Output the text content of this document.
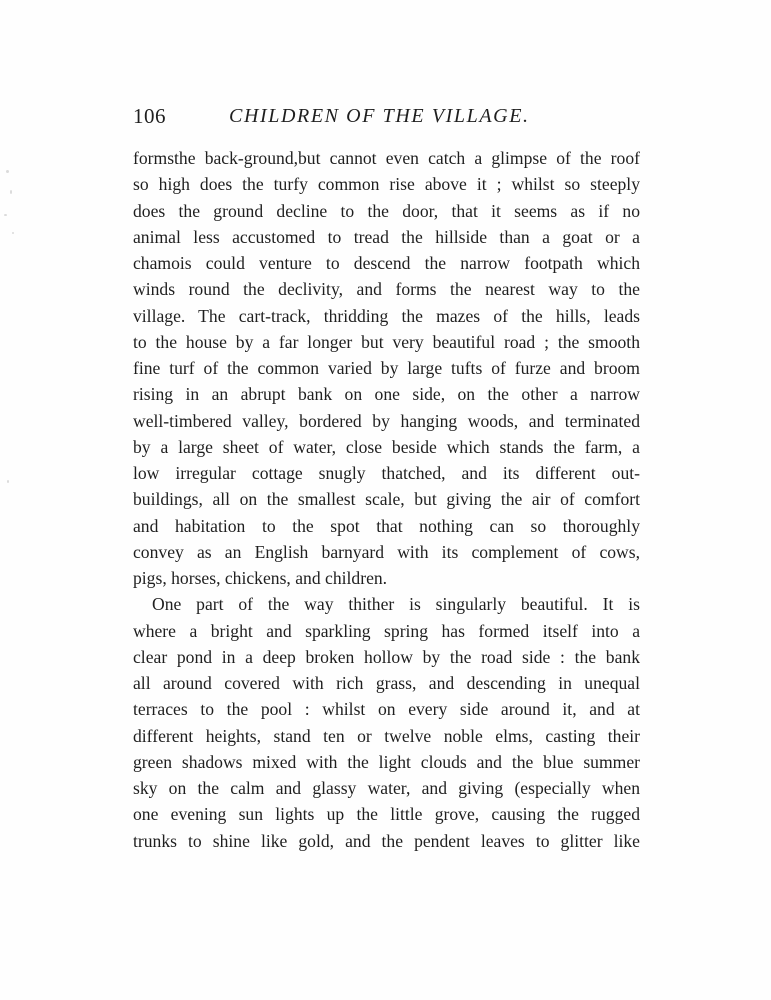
106	CHILDREN OF THE VILLAGE.
formsthe back-ground,but cannot even catch a glimpse of the roof
so high does the turfy common rise above it ; whilst so steeply
does the ground decline to the door, that it seems as if no
animal less accustomed to tread the hillside than a goat or a
chamois could venture to descend the narrow footpath which
winds round the declivity, and forms the nearest way to the
village. The cart-track, thridding the mazes of the hills, leads
to the house by a far longer but very beautiful road ; the smooth
fine turf of the common varied by large tufts of furze and broom
rising in an abrupt bank on one side, on the other a narrow
well-timbered valley, bordered by hanging woods, and terminated
by a large sheet of water, close beside which stands the farm, a
low irregular cottage snugly thatched, and its different out-
buildings, all on the smallest scale, but giving the air of comfort
and habitation to the spot that nothing can so thoroughly
convey as an English barnyard with its complement of cows,
pigs, horses, chickens, and children.
One part of the way thither is singularly beautiful. It is
where a bright and sparkling spring has formed itself into a
clear pond in a deep broken hollow by the road side : the bank
all around covered with rich grass, and descending in unequal
terraces to the pool : whilst on every side around it, and at
different heights, stand ten or twelve noble elms, casting their
green shadows mixed with the light clouds and the blue summer
sky on the calm and glassy water, and giving (especially when
one evening sun lights up the little grove, causing the rugged
trunks to shine like gold, and the pendent leaves to glitter like
